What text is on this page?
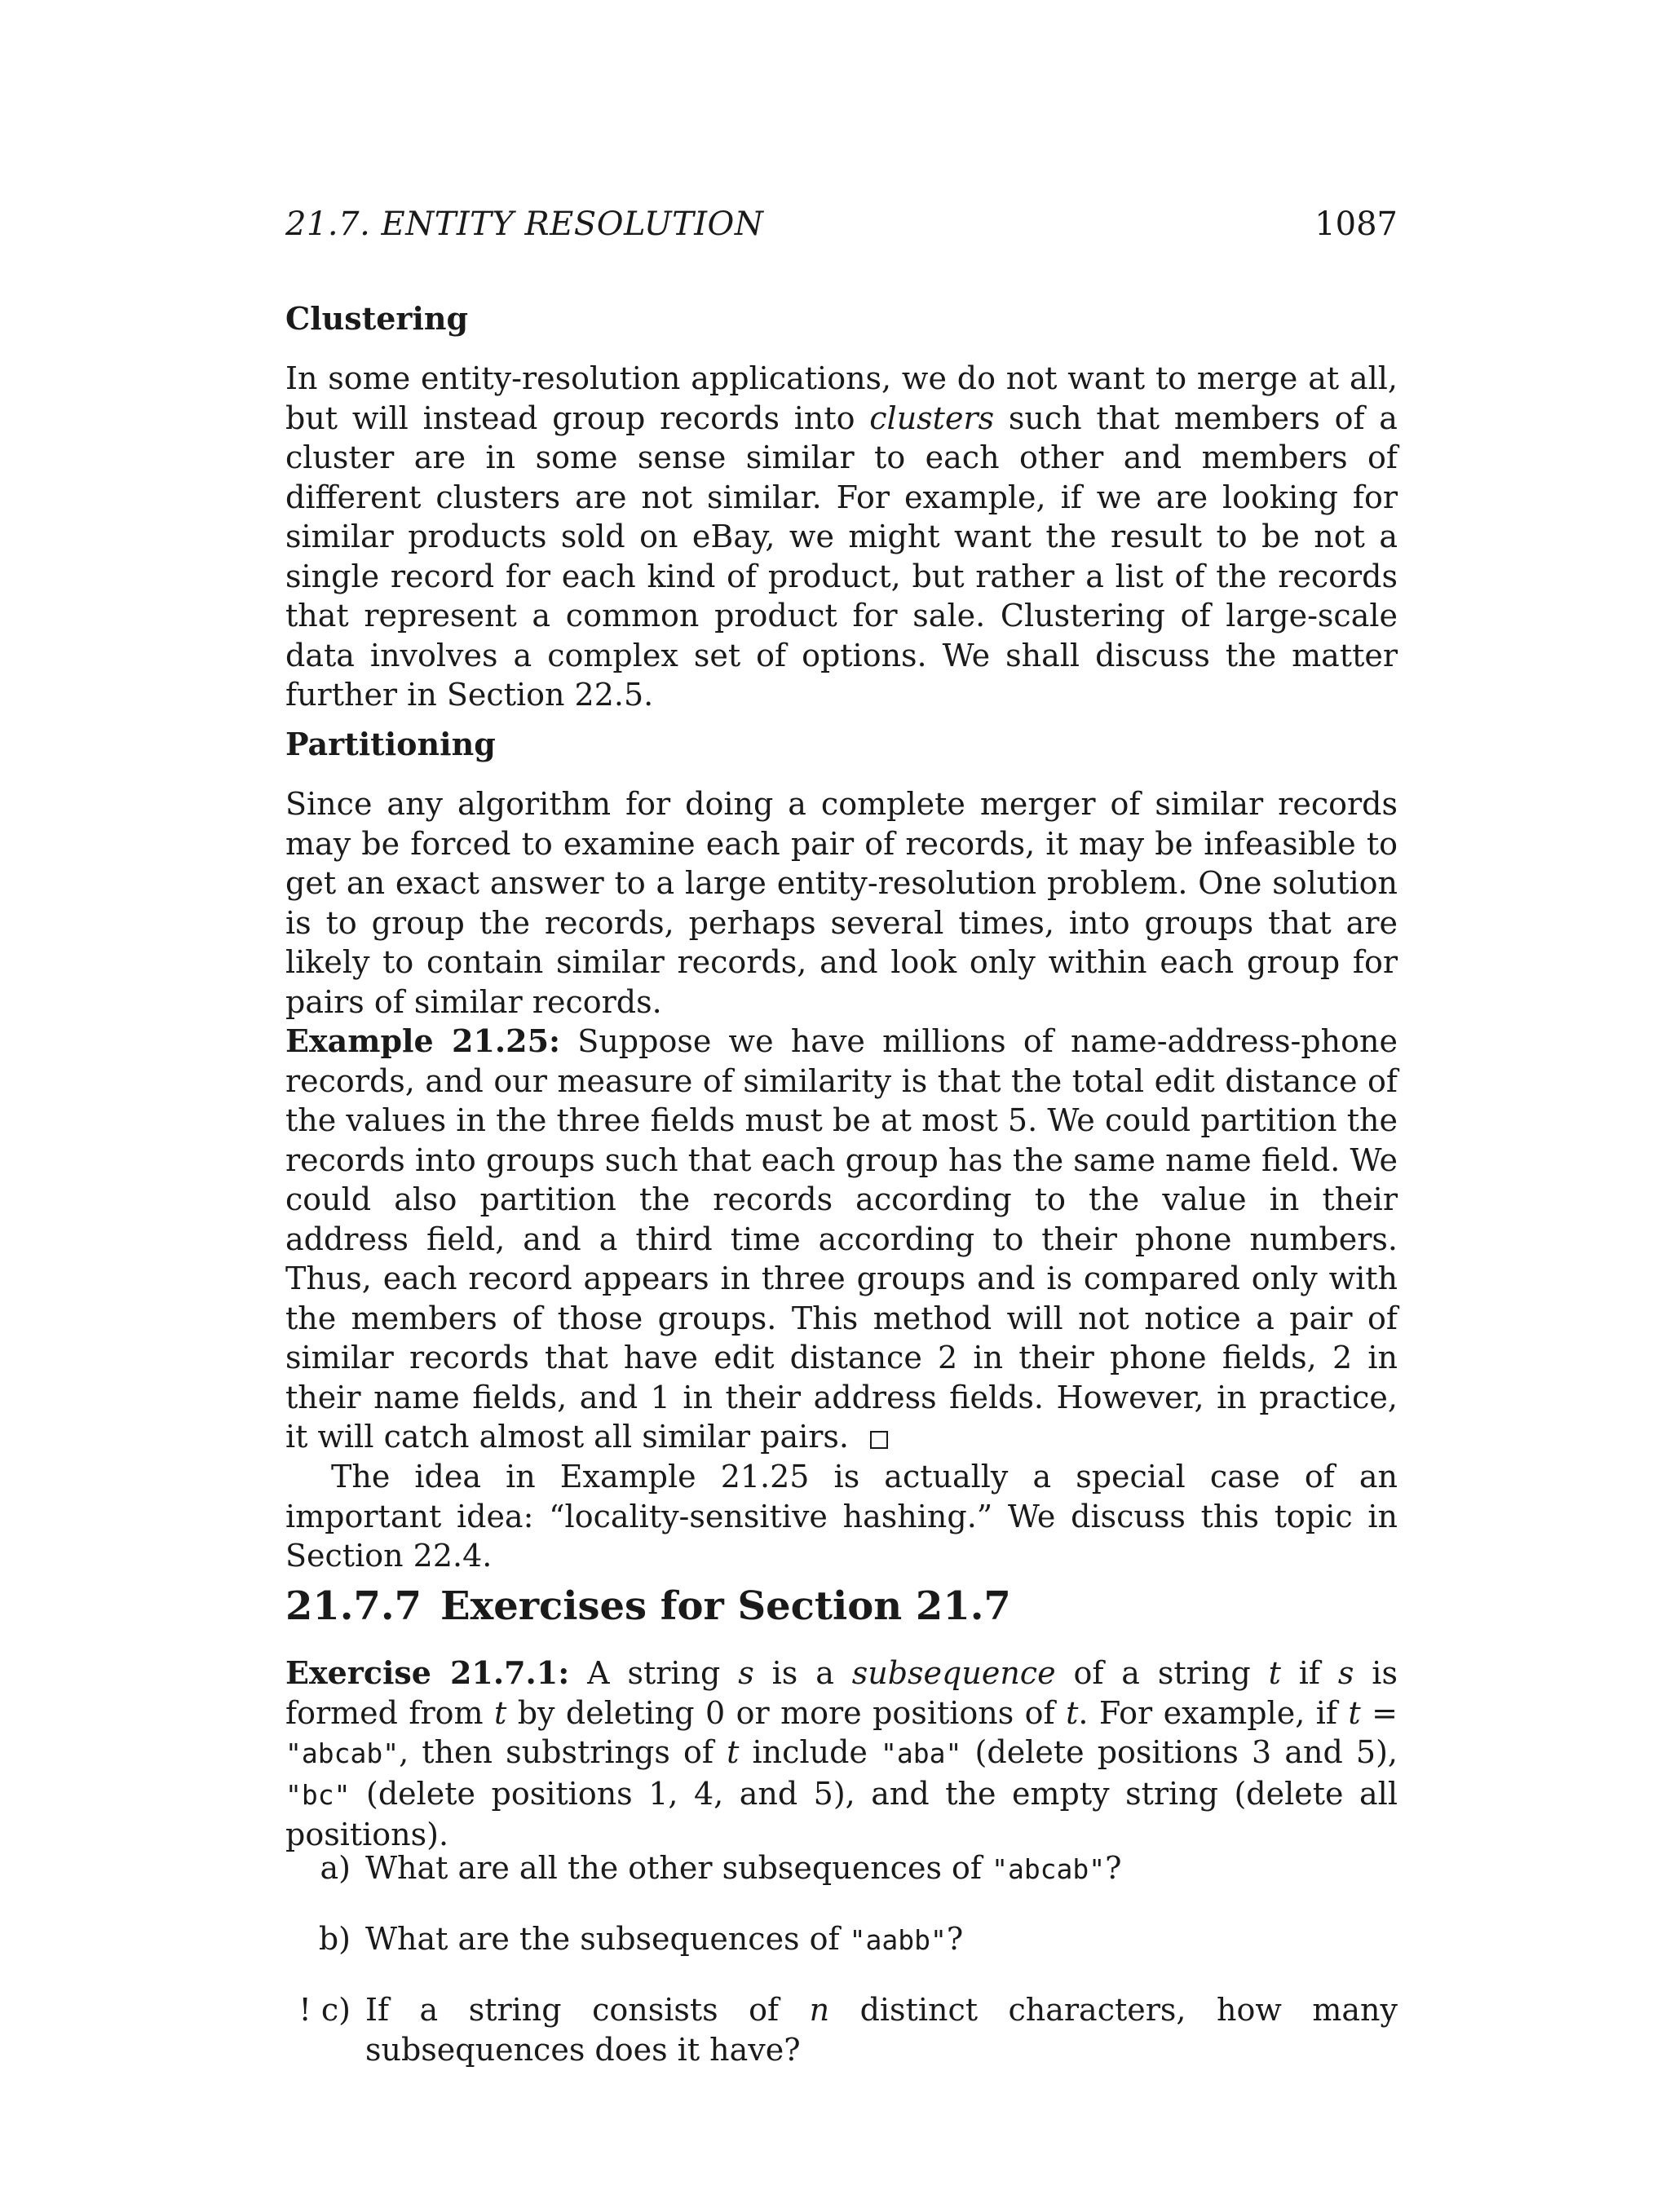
21.7. ENTITY RESOLUTION	1087
Clustering

In some entity-resolution applications, we do not want to merge at all, but will instead group records into clusters such that members of a cluster are in some sense similar to each other and members of different clusters are not similar. For example, if we are looking for similar products sold on eBay, we might want the result to be not a single record for each kind of product, but rather a list of the records that represent a common product for sale. Clustering of large-scale data involves a complex set of options. We shall discuss the matter further in Section 22.5.

Partitioning

Since any algorithm for doing a complete merger of similar records may be forced to examine each pair of records, it may be infeasible to get an exact answer to a large entity-resolution problem. One solution is to group the records, perhaps several times, into groups that are likely to contain similar records, and look only within each group for pairs of similar records.

Example 21.25: Suppose we have millions of name-address-phone records, and our measure of similarity is that the total edit distance of the values in the three fields must be at most 5. We could partition the records into groups such that each group has the same name field. We could also partition the records according to the value in their address field, and a third time according to their phone numbers. Thus, each record appears in three groups and is compared only with the members of those groups. This method will not notice a pair of similar records that have edit distance 2 in their phone fields, 2 in their name fields, and 1 in their address fields. However, in practice, it will catch almost all similar pairs.

The idea in Example 21.25 is actually a special case of an important idea: “locality-sensitive hashing.” We discuss this topic in Section 22.4.

21.7.7 Exercises for Section 21.7

Exercise 21.7.1: A string s is a subsequence of a string t if s is formed from t by deleting 0 or more positions of t. For example, if t = "abcab", then substrings of t include "aba" (delete positions 3 and 5), "bc" (delete positions 1, 4, and 5), and the empty string (delete all positions).

a) What are all the other subsequences of "abcab"?
b) What are the subsequences of "aabb"?
! c) If a string consists of n distinct characters, how many subsequences does it have?
